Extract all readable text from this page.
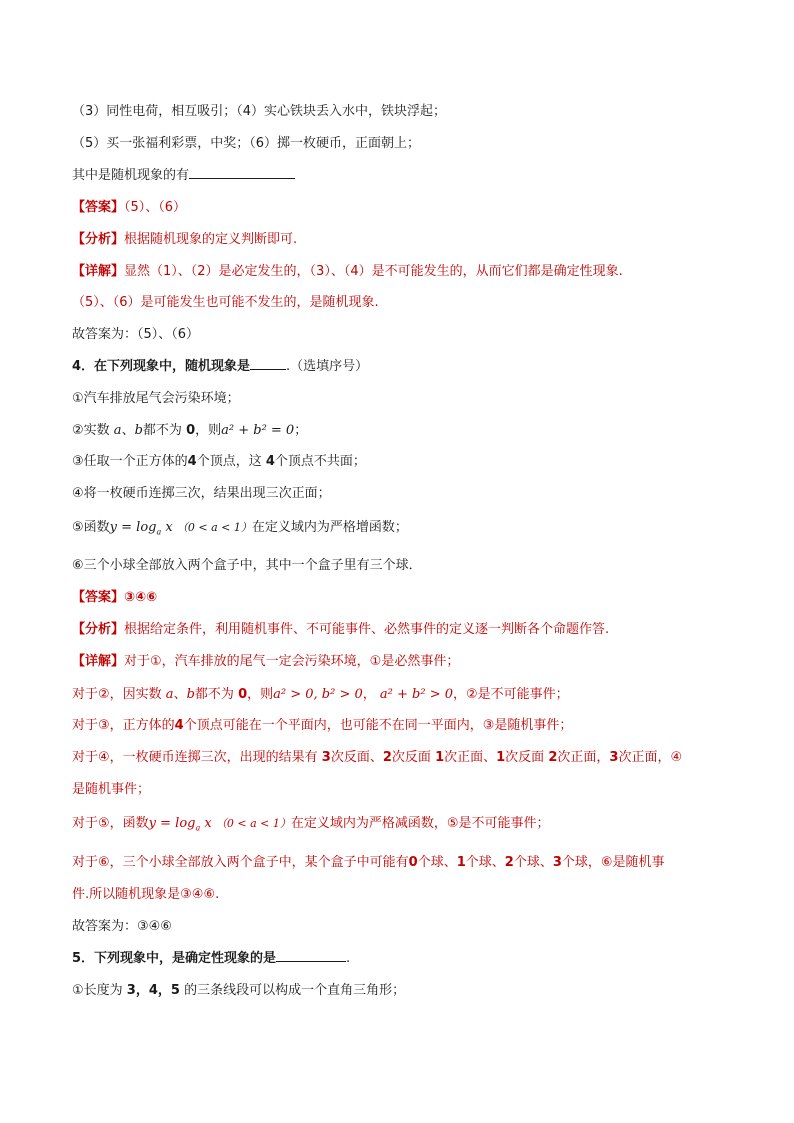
（3）同性电荷，相互吸引；（4）实心铁块丢入水中，铁块浮起；
（5）买一张福利彩票，中奖；（6）掷一枚硬币，正面朝上；
其中是随机现象的有
【答案】（5）、（6）
【分析】根据随机现象的定义判断即可.
【详解】显然（1）、（2）是必定发生的，（3）、（4）是不可能发生的，从而它们都是确定性现象.
（5）、（6）是可能发生也可能不发生的，是随机现象.
故答案为：（5）、（6）
4．在下列现象中，随机现象是	.（选填序号）
①汽车排放尾气会污染环境；
②实数 a、b都不为 0，则a² + b² = 0；
③任取一个正方体的4个顶点，这 4个顶点不共面；
④将一枚硬币连掷三次，结果出现三次正面；
⑤函数$y = \log_a x$ （0 < a < 1）在定义域内为严格增函数；
⑥三个小球全部放入两个盒子中，其中一个盒子里有三个球．
【答案】③④⑥
【分析】根据给定条件，利用随机事件、不可能事件、必然事件的定义逐一判断各个命题作答.
【详解】对于①，汽车排放的尾气一定会污染环境，①是必然事件；
对于②，因实数 a、b都不为 0，则a² > 0, b² > 0， a² + b² > 0，②是不可能事件；
对于③，正方体的4个顶点可能在一个平面内，也可能不在同一平面内，③是随机事件；
对于④，一枚硬币连掷三次，出现的结果有 3次反面、2次反面 1次正面、1次反面 2次正面，3次正面，④
是随机事件；
对于⑤，函数$y = \log_a x$ （0 < a < 1）在定义域内为严格减函数，⑤是不可能事件；
对于⑥，三个小球全部放入两个盒子中，某个盒子中可能有0个球、1个球、2个球、3个球，⑥是随机事
件.所以随机现象是③④⑥.
故答案为：③④⑥
5．下列现象中，是确定性现象的是	.
①长度为 3，4，5 的三条线段可以构成一个直角三角形；
